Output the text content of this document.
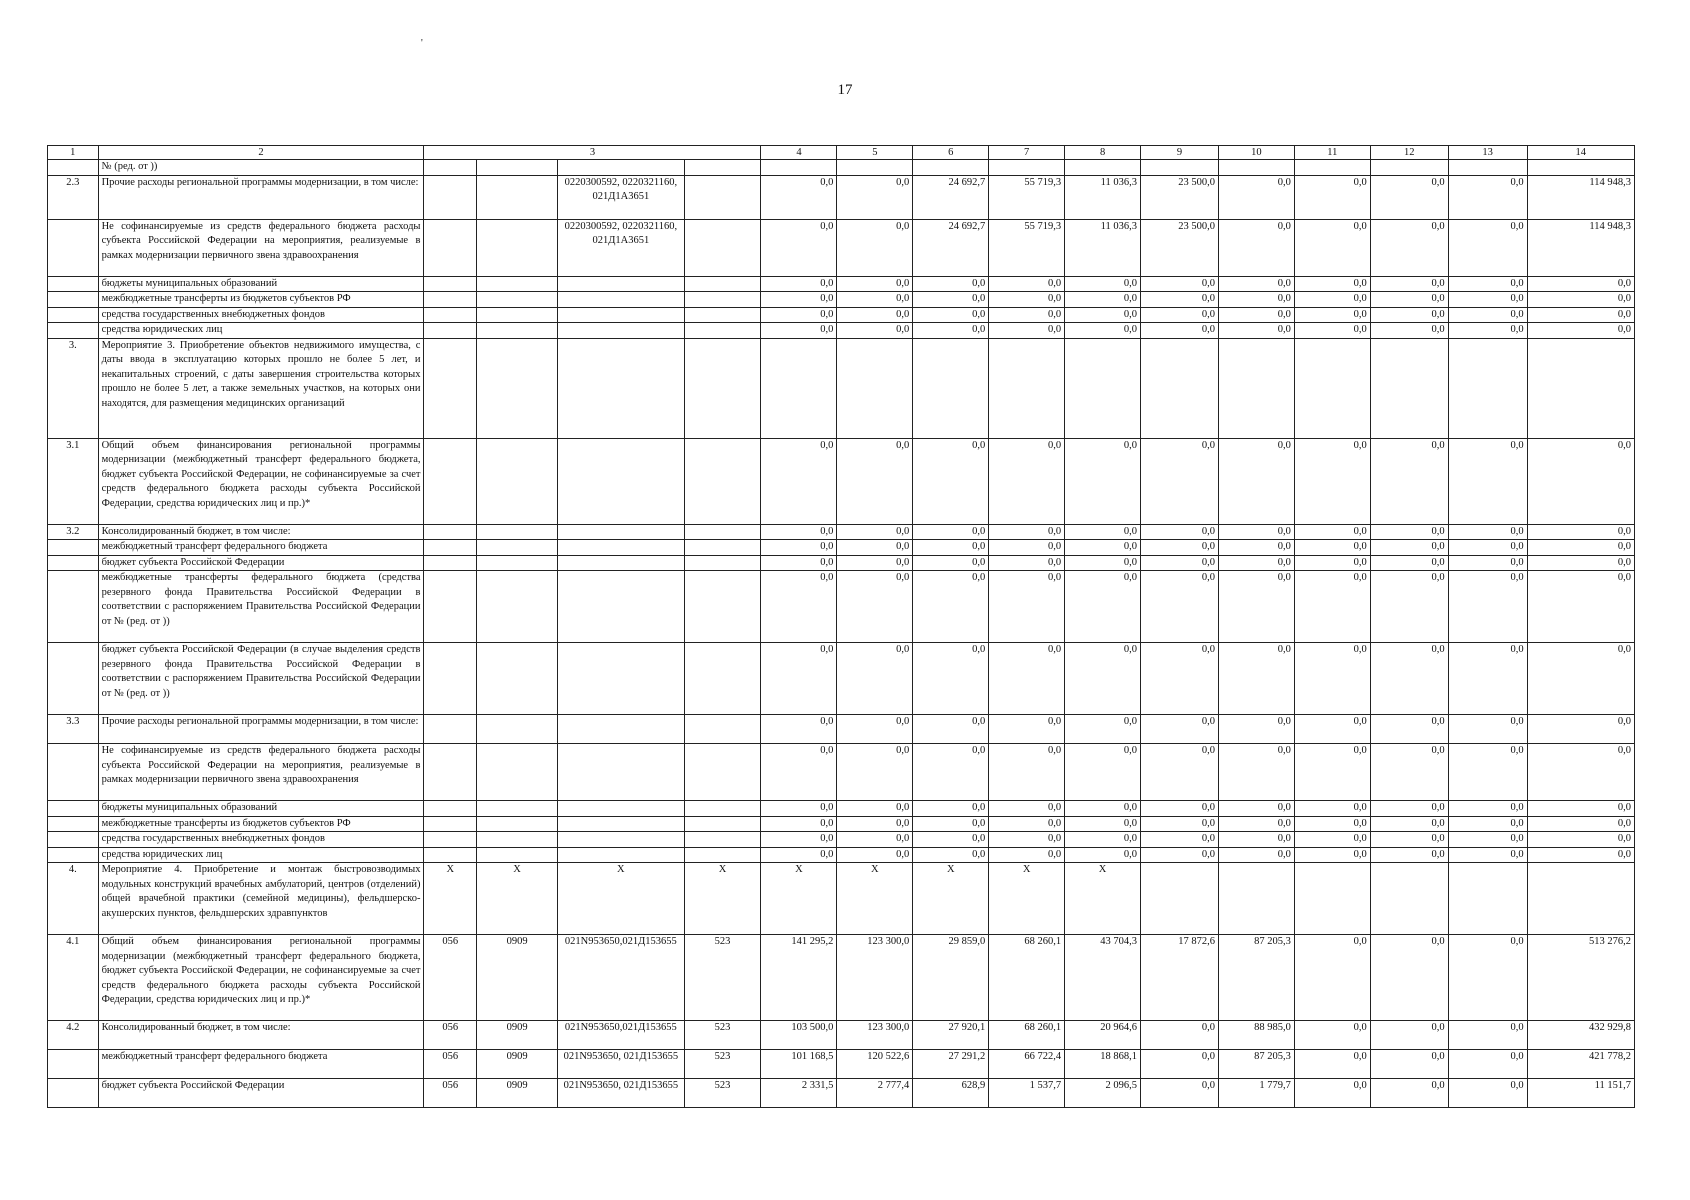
'
17
1	2	3				4	5	6	7	8	9	10	11	12	13	14
	№ (ред. от ))															
2.3	Прочие расходы региональной программы модернизации, в том числе:			0220300592, 0220321160, 021Д1А3651		0,0	0,0	24 692,7	55 719,3	11 036,3	23 500,0	0,0	0,0	0,0	0,0	114 948,3
	Не софинансируемые из средств федерального бюджета расходы субъекта Российской Федерации на мероприятия, реализуемые в рамках модернизации первичного звена здравоохранения			0220300592, 0220321160, 021Д1А3651		0,0	0,0	24 692,7	55 719,3	11 036,3	23 500,0	0,0	0,0	0,0	0,0	114 948,3
	бюджеты муниципальных образований					0,0	0,0	0,0	0,0	0,0	0,0	0,0	0,0	0,0	0,0	0,0
	межбюджетные трансферты из бюджетов субъектов РФ					0,0	0,0	0,0	0,0	0,0	0,0	0,0	0,0	0,0	0,0	0,0
	средства государственных внебюджетных фондов					0,0	0,0	0,0	0,0	0,0	0,0	0,0	0,0	0,0	0,0	0,0
	средства юридических лиц					0,0	0,0	0,0	0,0	0,0	0,0	0,0	0,0	0,0	0,0	0,0
3.	Мероприятие 3. Приобретение объектов недвижимого имущества, с даты ввода в эксплуатацию которых прошло не более 5 лет, и некапитальных строений, с даты завершения строительства которых прошло не более 5 лет, а также земельных участков, на которых они находятся, для размещения медицинских организаций															
3.1	Общий объем финансирования региональной программы модернизации (межбюджетный трансферт федерального бюджета, бюджет субъекта Российской Федерации, не софинансируемые за счет средств федерального бюджета расходы субъекта Российской Федерации, средства юридических лиц и пр.)*					0,0	0,0	0,0	0,0	0,0	0,0	0,0	0,0	0,0	0,0	0,0
3.2	Консолидированный бюджет, в том числе:					0,0	0,0	0,0	0,0	0,0	0,0	0,0	0,0	0,0	0,0	0,0
	межбюджетный трансферт федерального бюджета					0,0	0,0	0,0	0,0	0,0	0,0	0,0	0,0	0,0	0,0	0,0
	бюджет субъекта Российской Федерации					0,0	0,0	0,0	0,0	0,0	0,0	0,0	0,0	0,0	0,0	0,0
	межбюджетные трансферты федерального бюджета (средства резервного фонда Правительства Российской Федерации в соответствии с распоряжением Правительства Российской Федерации от № (ред. от ))					0,0	0,0	0,0	0,0	0,0	0,0	0,0	0,0	0,0	0,0	0,0
	бюджет субъекта Российской Федерации (в случае выделения средств резервного фонда Правительства Российской Федерации в соответствии с распоряжением Правительства Российской Федерации от № (ред. от ))					0,0	0,0	0,0	0,0	0,0	0,0	0,0	0,0	0,0	0,0	0,0
3.3	Прочие расходы региональной программы модернизации, в том числе:					0,0	0,0	0,0	0,0	0,0	0,0	0,0	0,0	0,0	0,0	0,0
	Не софинансируемые из средств федерального бюджета расходы субъекта Российской Федерации на мероприятия, реализуемые в рамках модернизации первичного звена здравоохранения					0,0	0,0	0,0	0,0	0,0	0,0	0,0	0,0	0,0	0,0	0,0
	бюджеты муниципальных образований					0,0	0,0	0,0	0,0	0,0	0,0	0,0	0,0	0,0	0,0	0,0
	межбюджетные трансферты из бюджетов субъектов РФ					0,0	0,0	0,0	0,0	0,0	0,0	0,0	0,0	0,0	0,0	0,0
	средства государственных внебюджетных фондов					0,0	0,0	0,0	0,0	0,0	0,0	0,0	0,0	0,0	0,0	0,0
	средства юридических лиц					0,0	0,0	0,0	0,0	0,0	0,0	0,0	0,0	0,0	0,0	0,0
4.	Мероприятие 4. Приобретение и монтаж быстровозводимых модульных конструкций врачебных амбулаторий, центров (отделений) общей врачебной практики (семейной медицины), фельдшерско-акушерских пунктов, фельдшерских здравпунктов	X	X	X	X	X	X	X	X	X						
4.1	Общий объем финансирования региональной программы модернизации (межбюджетный трансферт федерального бюджета, бюджет субъекта Российской Федерации, не софинансируемые за счет средств федерального бюджета расходы субъекта Российской Федерации, средства юридических лиц и пр.)*	056	0909	021N953650,021Д153655	523	141 295,2	123 300,0	29 859,0	68 260,1	43 704,3	17 872,6	87 205,3	0,0	0,0	0,0	513 276,2
4.2	Консолидированный бюджет, в том числе:	056	0909	021N953650,021Д153655	523	103 500,0	123 300,0	27 920,1	68 260,1	20 964,6	0,0	88 985,0	0,0	0,0	0,0	432 929,8
	межбюджетный трансферт федерального бюджета	056	0909	021N953650, 021Д153655	523	101 168,5	120 522,6	27 291,2	66 722,4	18 868,1	0,0	87 205,3	0,0	0,0	0,0	421 778,2
	бюджет субъекта Российской Федерации	056	0909	021N953650, 021Д153655	523	2 331,5	2 777,4	628,9	1 537,7	2 096,5	0,0	1 779,7	0,0	0,0	0,0	11 151,7
